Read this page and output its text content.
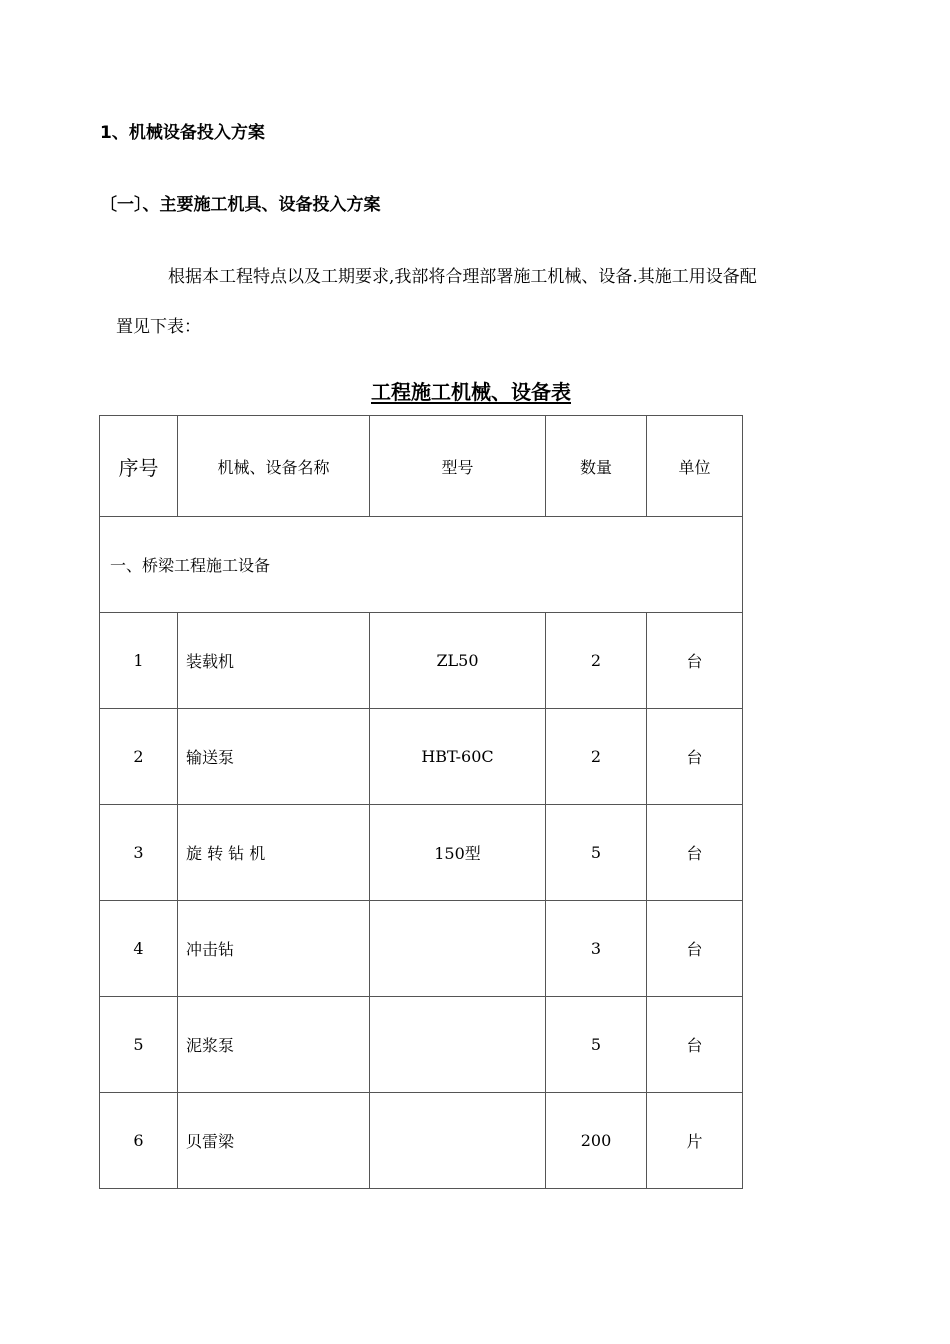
1、机械设备投入方案
〔一〕、主要施工机具、设备投入方案
根据本工程特点以及工期要求,我部将合理部署施工机械、设备.其施工用设备配
置见下表：
工程施工机械、设备表
序号	机械、设备名称	型号	数量	单位
一、桥梁工程施工设备				
1	装载机	ZL50	2	台
2	输送泵	HBT-60C	2	台
3	旋 转 钻 机	150型	5	台
4	冲击钻		3	台
5	泥浆泵		5	台
6	贝雷梁		200	片
